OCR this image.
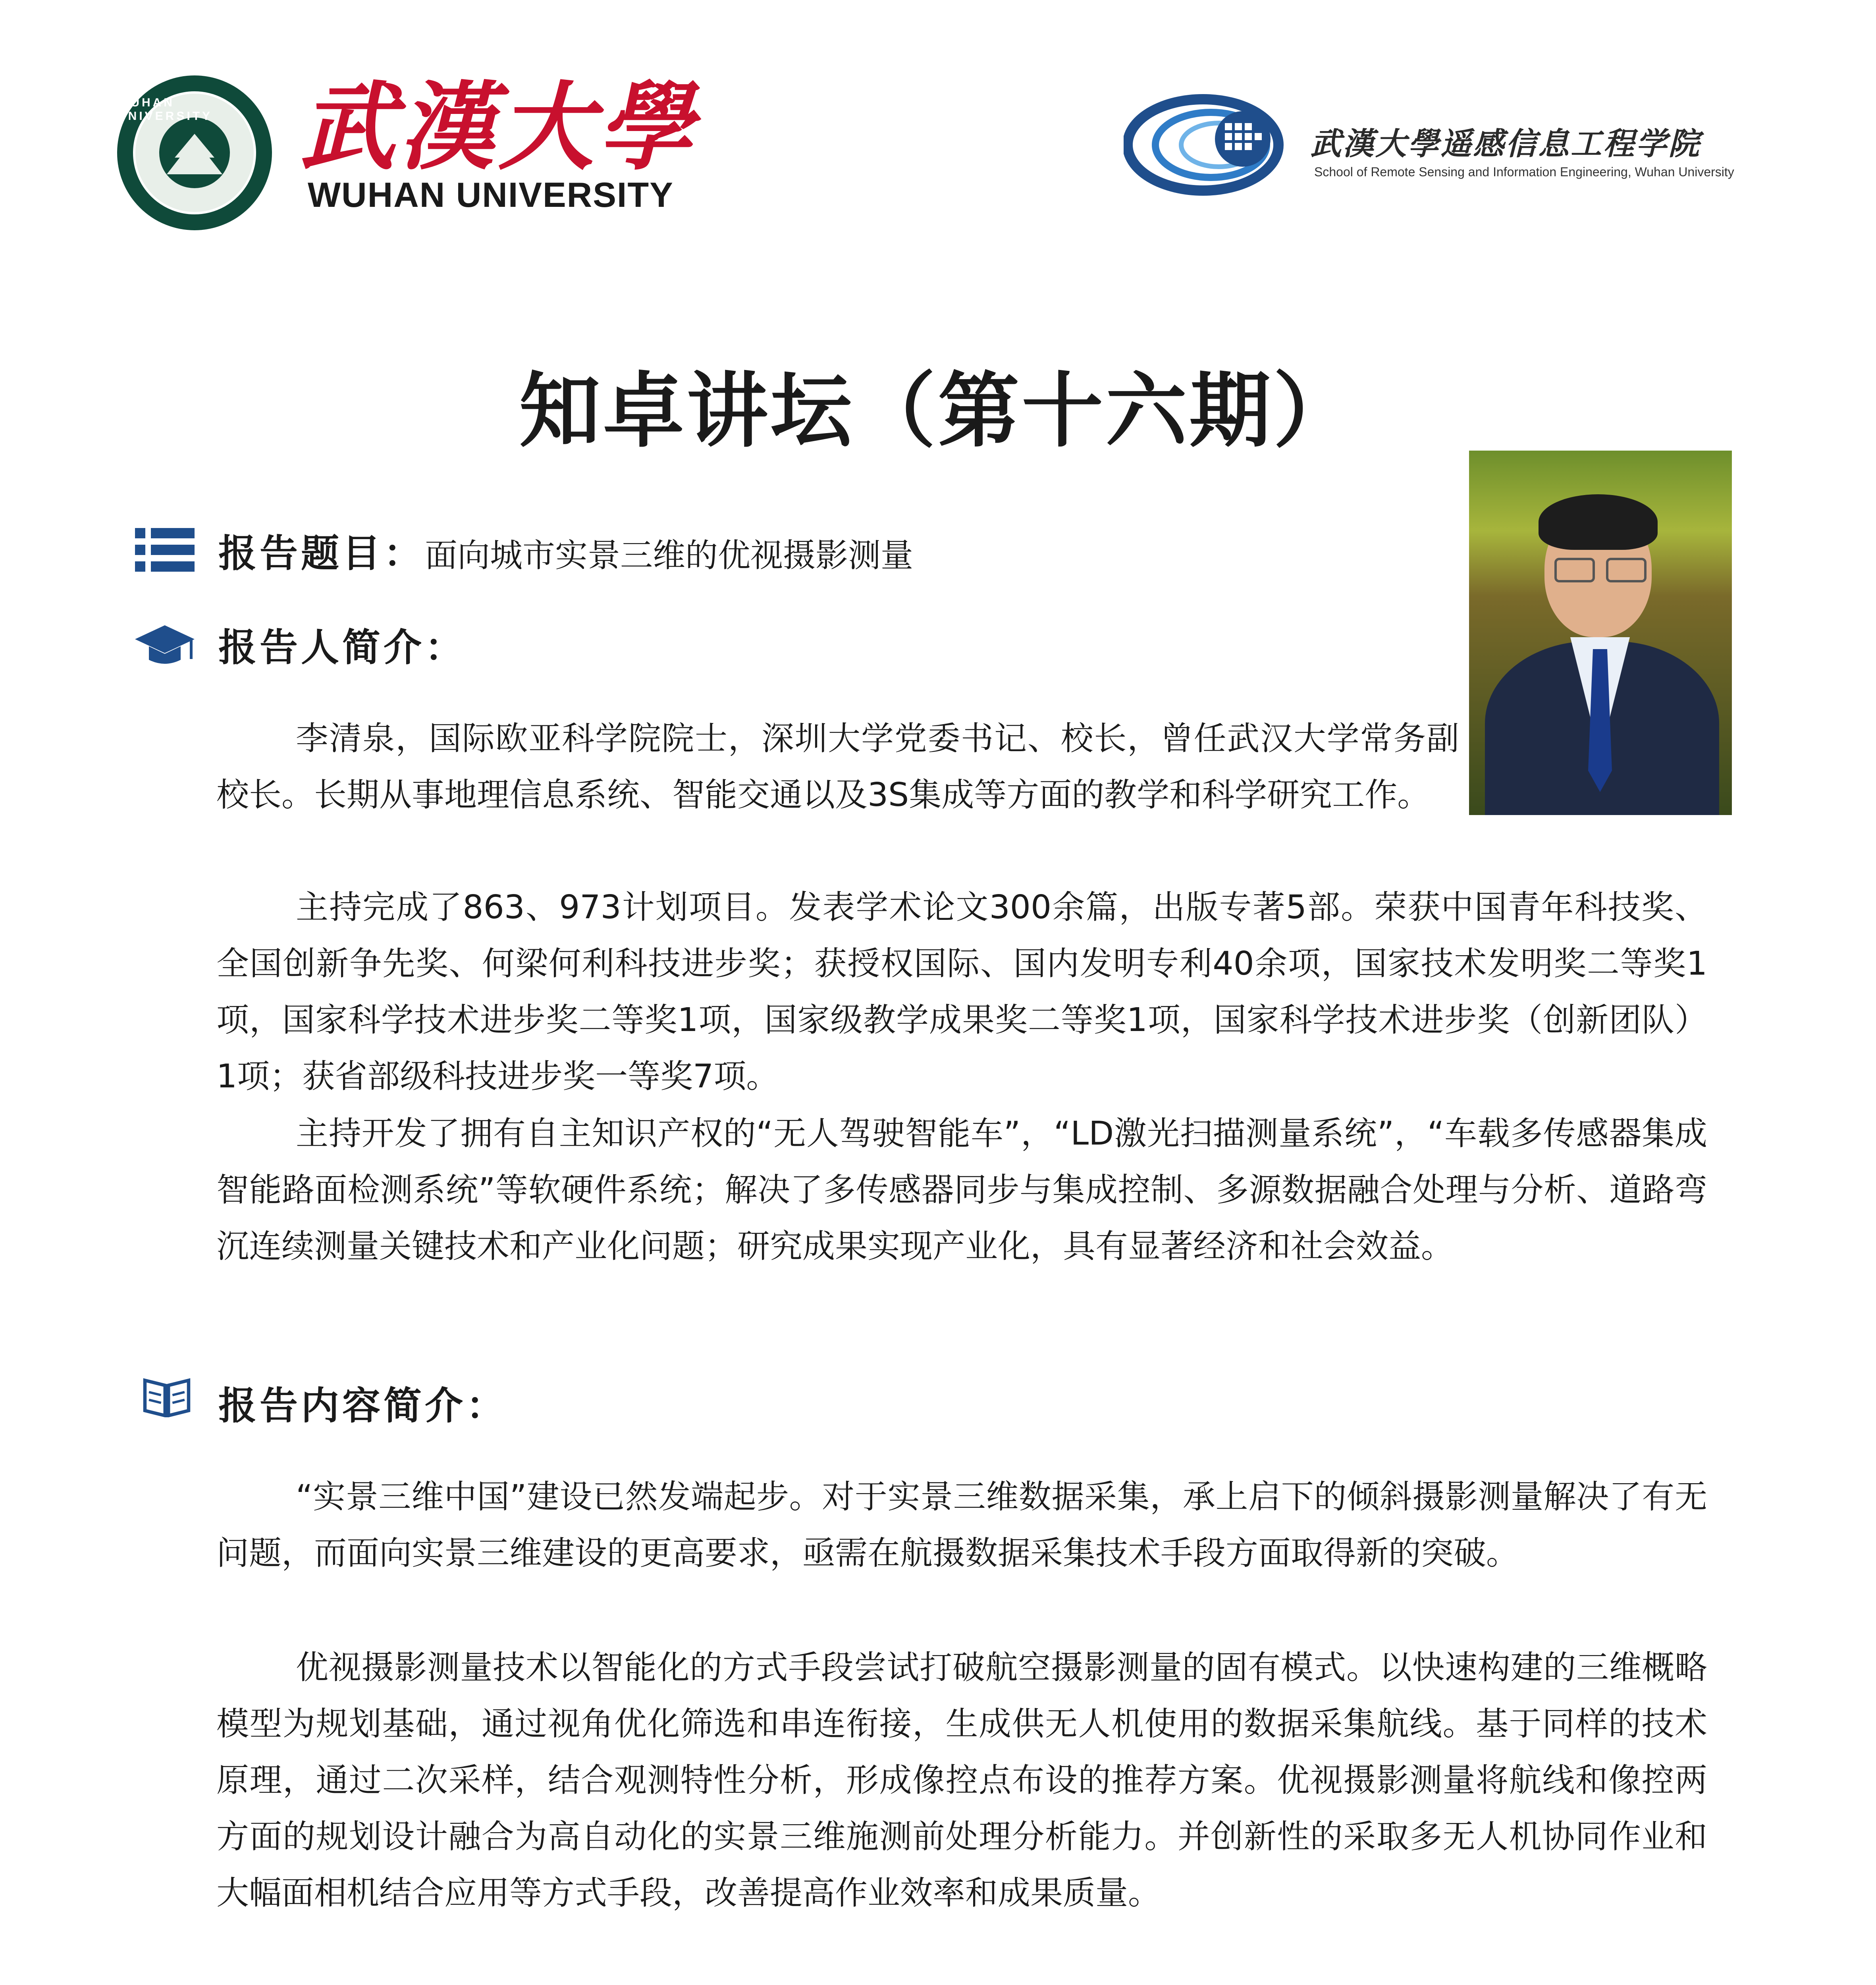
WUHAN UNIVERSITY 武漢大學
WUHAN UNIVERSITY
武漢大學遥感信息工程学院
School of Remote Sensing and Information Engineering, Wuhan University
知卓讲坛（第十六期）
报告题目：面向城市实景三维的优视摄影测量
报告人简介：

李清泉，国际欧亚科学院院士，深圳大学党委书记、校长，曾任武汉大学常务副校长。长期从事地理信息系统、智能交通以及3S集成等方面的教学和科学研究工作。

主持完成了863、973计划项目。发表学术论文300余篇，出版专著5部。荣获中国青年科技奖、全国创新争先奖、何梁何利科技进步奖；获授权国际、国内发明专利40余项，国家技术发明奖二等奖1项，国家科学技术进步奖二等奖1项，国家级教学成果奖二等奖1项，国家科学技术进步奖（创新团队）1项；获省部级科技进步奖一等奖7项。

主持开发了拥有自主知识产权的“无人驾驶智能车”，“LD激光扫描测量系统”，“车载多传感器集成智能路面检测系统”等软硬件系统；解决了多传感器同步与集成控制、多源数据融合处理与分析、道路弯沉连续测量关键技术和产业化问题；研究成果实现产业化，具有显著经济和社会效益。

报告内容简介：

“实景三维中国”建设已然发端起步。对于实景三维数据采集，承上启下的倾斜摄影测量解决了有无问题，而面向实景三维建设的更高要求，亟需在航摄数据采集技术手段方面取得新的突破。

优视摄影测量技术以智能化的方式手段尝试打破航空摄影测量的固有模式。以快速构建的三维概略模型为规划基础，通过视角优化筛选和串连衔接，生成供无人机使用的数据采集航线。基于同样的技术原理，通过二次采样，结合观测特性分析，形成像控点布设的推荐方案。优视摄影测量将航线和像控两方面的规划设计融合为高自动化的实景三维施测前处理分析能力。并创新性的采取多无人机协同作业和大幅面相机结合应用等方式手段，改善提高作业效率和成果质量。
